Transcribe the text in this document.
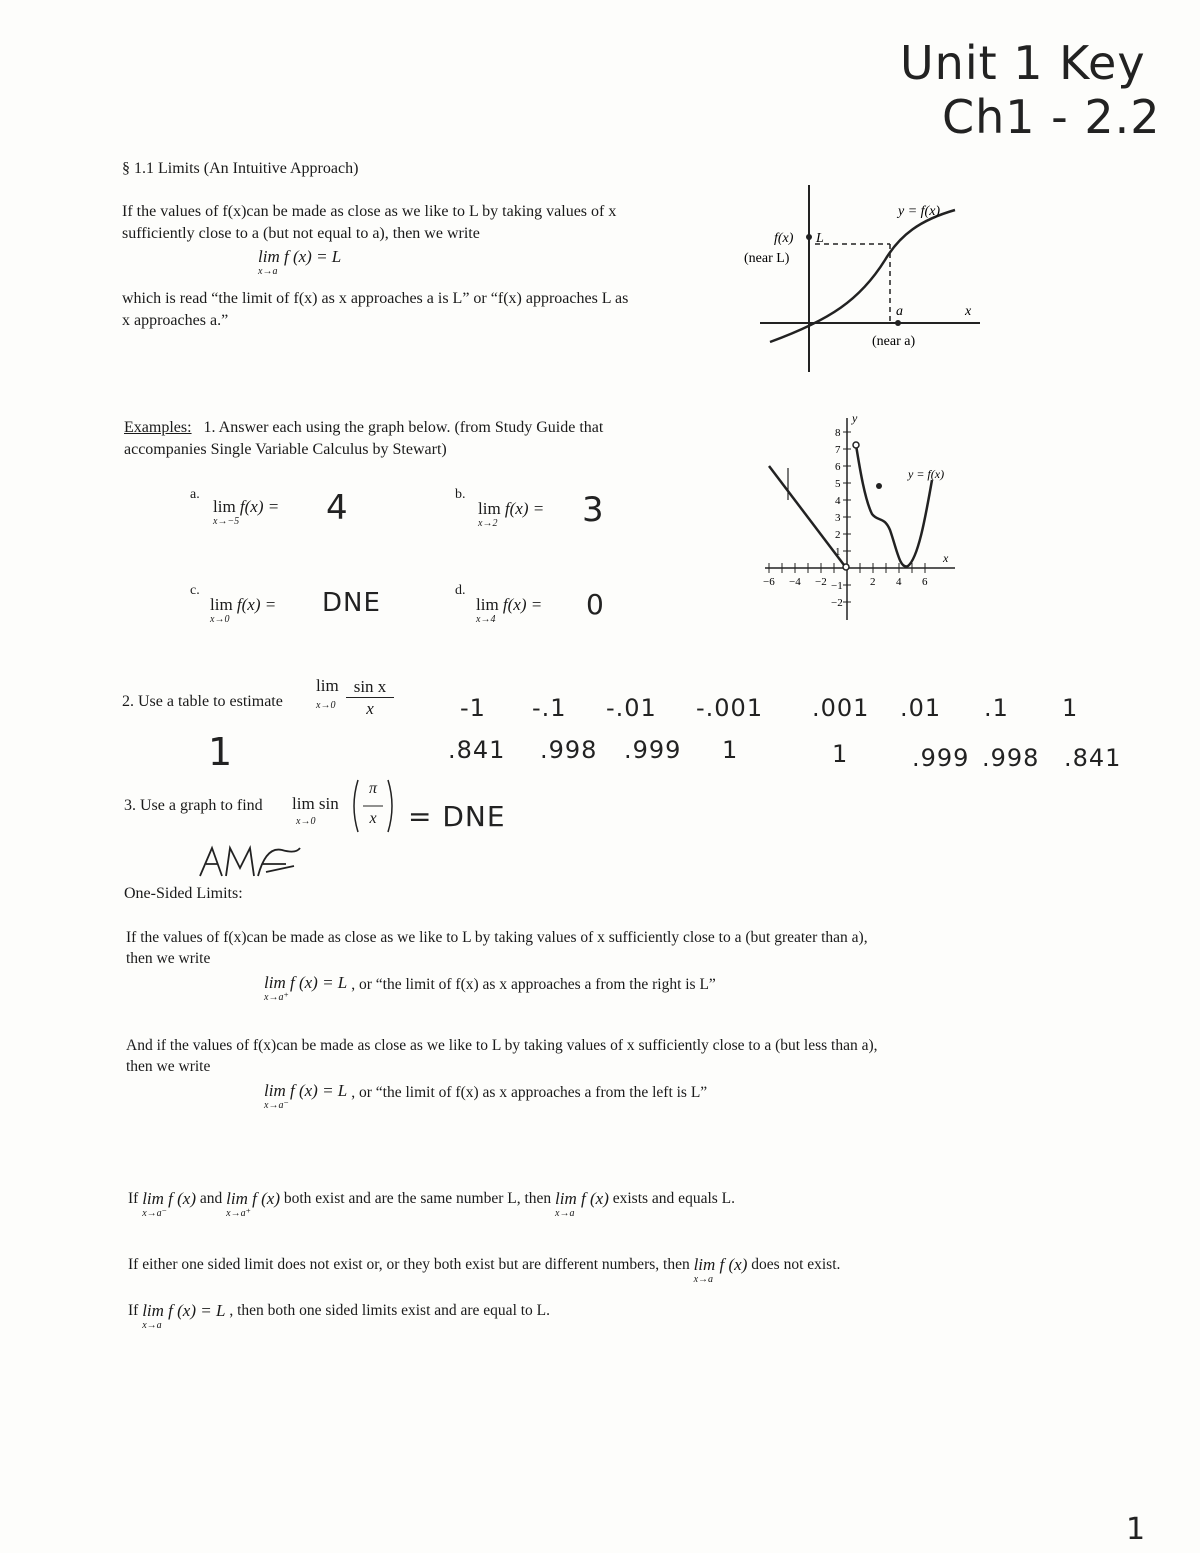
Unit 1 Key
Ch1 - 2.2
§ 1.1 Limits (An Intuitive Approach)
If the values of f(x)can be made as close as we like to L by taking values of x
sufficiently close to a (but not equal to a), then we write
lim f (x) = L
x→a
which is read “the limit of f(x) as x approaches a is L” or “f(x) approaches L as
x approaches a.”
y = f(x)
f(x) L
(near L)
a	x
(near a)
Examples: 1. Answer each using the graph below. (from Study Guide that
accompanies Single Variable Calculus by Stewart)
a.
lim f(x) =
x→−5	4	b.
lim f(x) =
x→2	3
c.
lim f(x) =
x→0
DNE	d.
lim f(x) =
x→4	0
8
7
6
5
4
3
2
1
−1
−2
−6 −4 −2	2 4 6
y
x
y = f(x)
2. Use a table to estimate
lim
$x\to 0 \frac{\text{sin x}}{x}$
1
-1 -.1 -.01 -.001 .001 .01 .1 1
.841 .998 .999 1	1	.999 .998 .841
3. Use a graph to find lim sin
x→0
π
x = DNE
One-Sided Limits:
If the values of f(x)can be made as close as we like to L by taking values of x sufficiently close to a (but greater than a),
then we write
lim f (x) = L
x→a⁺
, or “the limit of f(x) as x approaches a from the right is L”
And if the values of f(x)can be made as close as we like to L by taking values of x sufficiently close to a (but less than a),
then we write
lim f (x) = L
x→a⁻
, or “the limit of f(x) as x approaches a from the left is L”
If lim f (x)
x→a⁻
and lim f (x)
x→a⁺
both exist and are the same number L, then lim f (x)
x→a
exists and equals L.
If either one sided limit does not exist or, or they both exist but are different numbers, then lim f (x)
x→a
does not exist.
If lim f (x) = L
x→a
, then both one sided limits exist and are equal to L.
1
